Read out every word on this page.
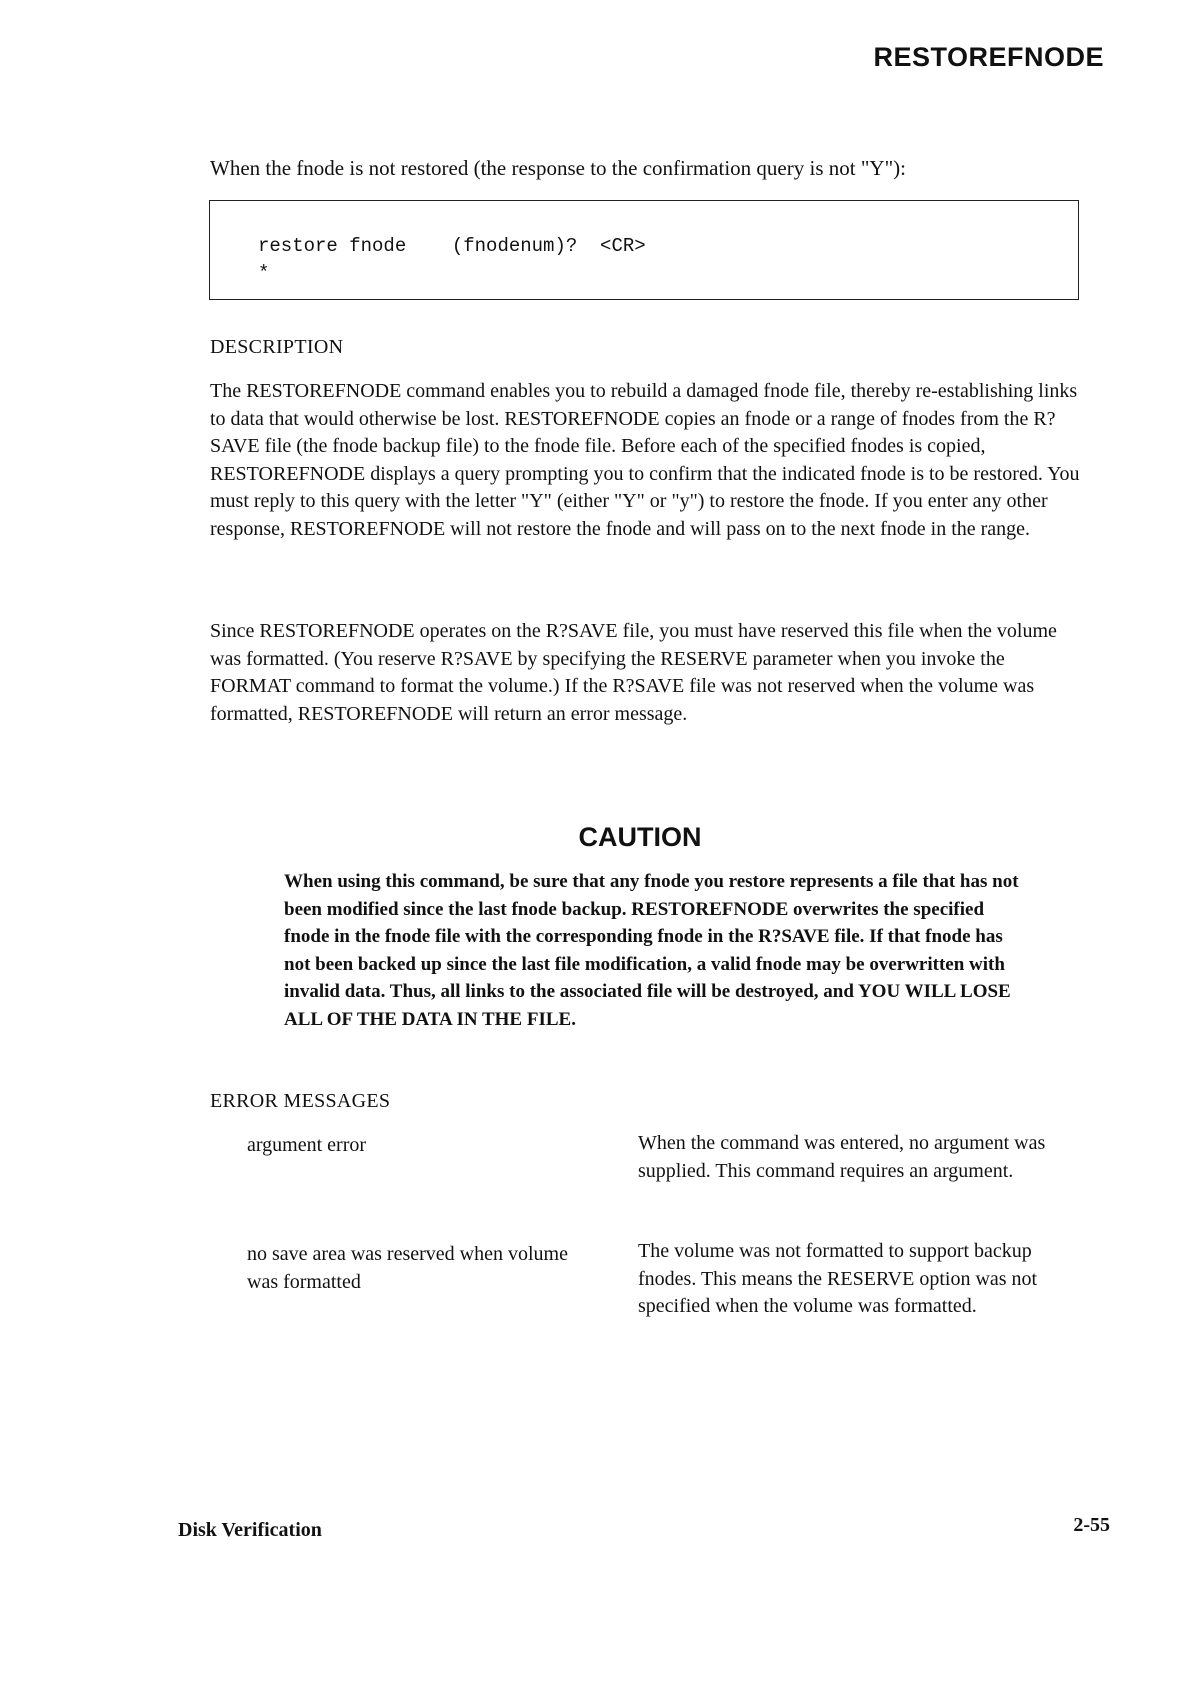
RESTOREFNODE
When the fnode is not restored (the response to the confirmation query is not "Y"):
restore fnode    (fnodenum)?  <CR>
*
DESCRIPTION
The RESTOREFNODE command enables you to rebuild a damaged fnode file, thereby re-establishing links to data that would otherwise be lost. RESTOREFNODE copies an fnode or a range of fnodes from the R?SAVE file (the fnode backup file) to the fnode file. Before each of the specified fnodes is copied, RESTOREFNODE displays a query prompting you to confirm that the indicated fnode is to be restored. You must reply to this query with the letter "Y" (either "Y" or "y") to restore the fnode. If you enter any other response, RESTOREFNODE will not restore the fnode and will pass on to the next fnode in the range.
Since RESTOREFNODE operates on the R?SAVE file, you must have reserved this file when the volume was formatted. (You reserve R?SAVE by specifying the RESERVE parameter when you invoke the FORMAT command to format the volume.) If the R?SAVE file was not reserved when the volume was formatted, RESTOREFNODE will return an error message.
CAUTION
When using this command, be sure that any fnode you restore represents a file that has not been modified since the last fnode backup. RESTOREFNODE overwrites the specified fnode in the fnode file with the corresponding fnode in the R?SAVE file. If that fnode has not been backed up since the last file modification, a valid fnode may be overwritten with invalid data. Thus, all links to the associated file will be destroyed, and YOU WILL LOSE ALL OF THE DATA IN THE FILE.
ERROR MESSAGES
argument error	When the command was entered, no argument was supplied. This command requires an argument.
no save area was reserved when volume was formatted
The volume was not formatted to support backup fnodes. This means the RESERVE option was not specified when the volume was formatted.
Disk Verification	2-55
